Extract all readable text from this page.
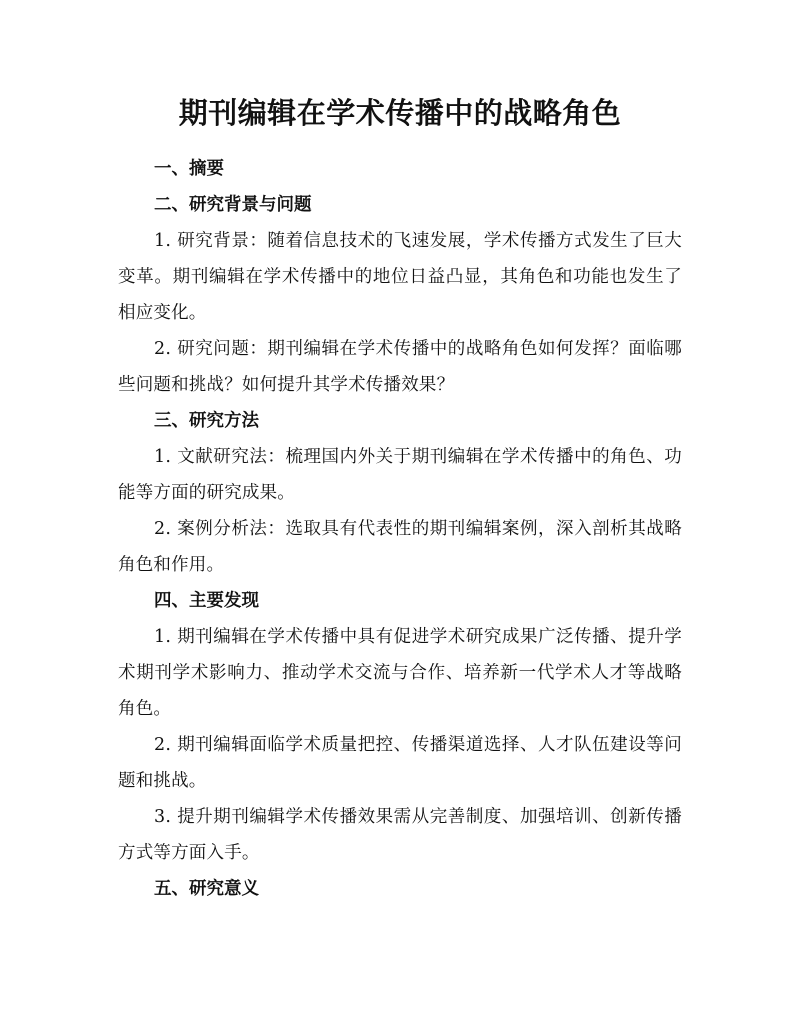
期刊编辑在学术传播中的战略角色
一、摘要
二、研究背景与问题

1. 研究背景：随着信息技术的飞速发展，学术传播方式发生了巨大变革。期刊编辑在学术传播中的地位日益凸显，其角色和功能也发生了相应变化。

2. 研究问题：期刊编辑在学术传播中的战略角色如何发挥？面临哪些问题和挑战？如何提升其学术传播效果？

三、研究方法

1. 文献研究法：梳理国内外关于期刊编辑在学术传播中的角色、功能等方面的研究成果。

2. 案例分析法：选取具有代表性的期刊编辑案例，深入剖析其战略角色和作用。

四、主要发现

1. 期刊编辑在学术传播中具有促进学术研究成果广泛传播、提升学术期刊学术影响力、推动学术交流与合作、培养新一代学术人才等战略角色。

2. 期刊编辑面临学术质量把控、传播渠道选择、人才队伍建设等问题和挑战。

3. 提升期刊编辑学术传播效果需从完善制度、加强培训、创新传播方式等方面入手。

五、研究意义
